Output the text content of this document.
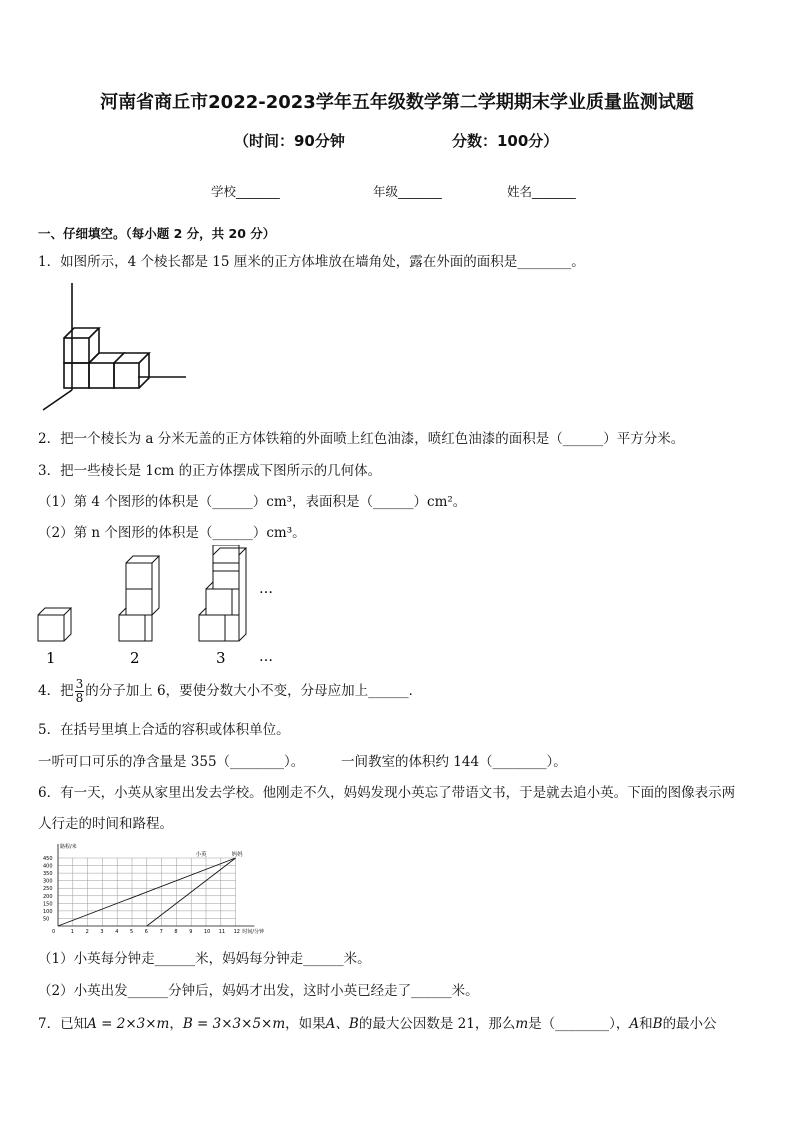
河南省商丘市2022-2023学年五年级数学第二学期期末学业质量监测试题
（时间：90分钟	分数：100分）
学校_______	年级_______	姓名_______
一、仔细填空。（每小题 2 分，共 20 分）
1．如图所示，4 个棱长都是 15 厘米的正方体堆放在墙角处，露在外面的面积是________。
2．把一个棱长为 a 分米无盖的正方体铁箱的外面喷上红色油漆，喷红色油漆的面积是（______）平方分米。
3．把一些棱长是 1cm 的正方体摆成下图所示的几何体。
（1）第 4 个图形的体积是（______）cm³，表面积是（______）cm²。
（2）第 n 个图形的体积是（______）cm³。
1	2	3
…
…
4．把 $\frac{3}{8}$ 的分子加上 6，要使分数大小不变，分母应加上______．
5．在括号里填上合适的容积或体积单位。
一听可口可乐的净含量是 355（________）。	一间教室的体积约 144（________）。
6．有一天，小英从家里出发去学校。他刚走不久，妈妈发现小英忘了带语文书，于是就去追小英。下面的图像表示两
人行走的时间和路程。
1 2 3 4 5 6 7 8 9 10 11 12
50
100
150
200
250
300
350
400
450
0
路程/米
时间/分钟
小英	妈妈
（1）小英每分钟走______米，妈妈每分钟走______米。
（2）小英出发______分钟后，妈妈才出发，这时小英已经走了______米。
7．已知A = 2×3×m，B = 3×3×5×m，如果A、B的最大公因数是 21，那么m是（________），A和B的最小公
